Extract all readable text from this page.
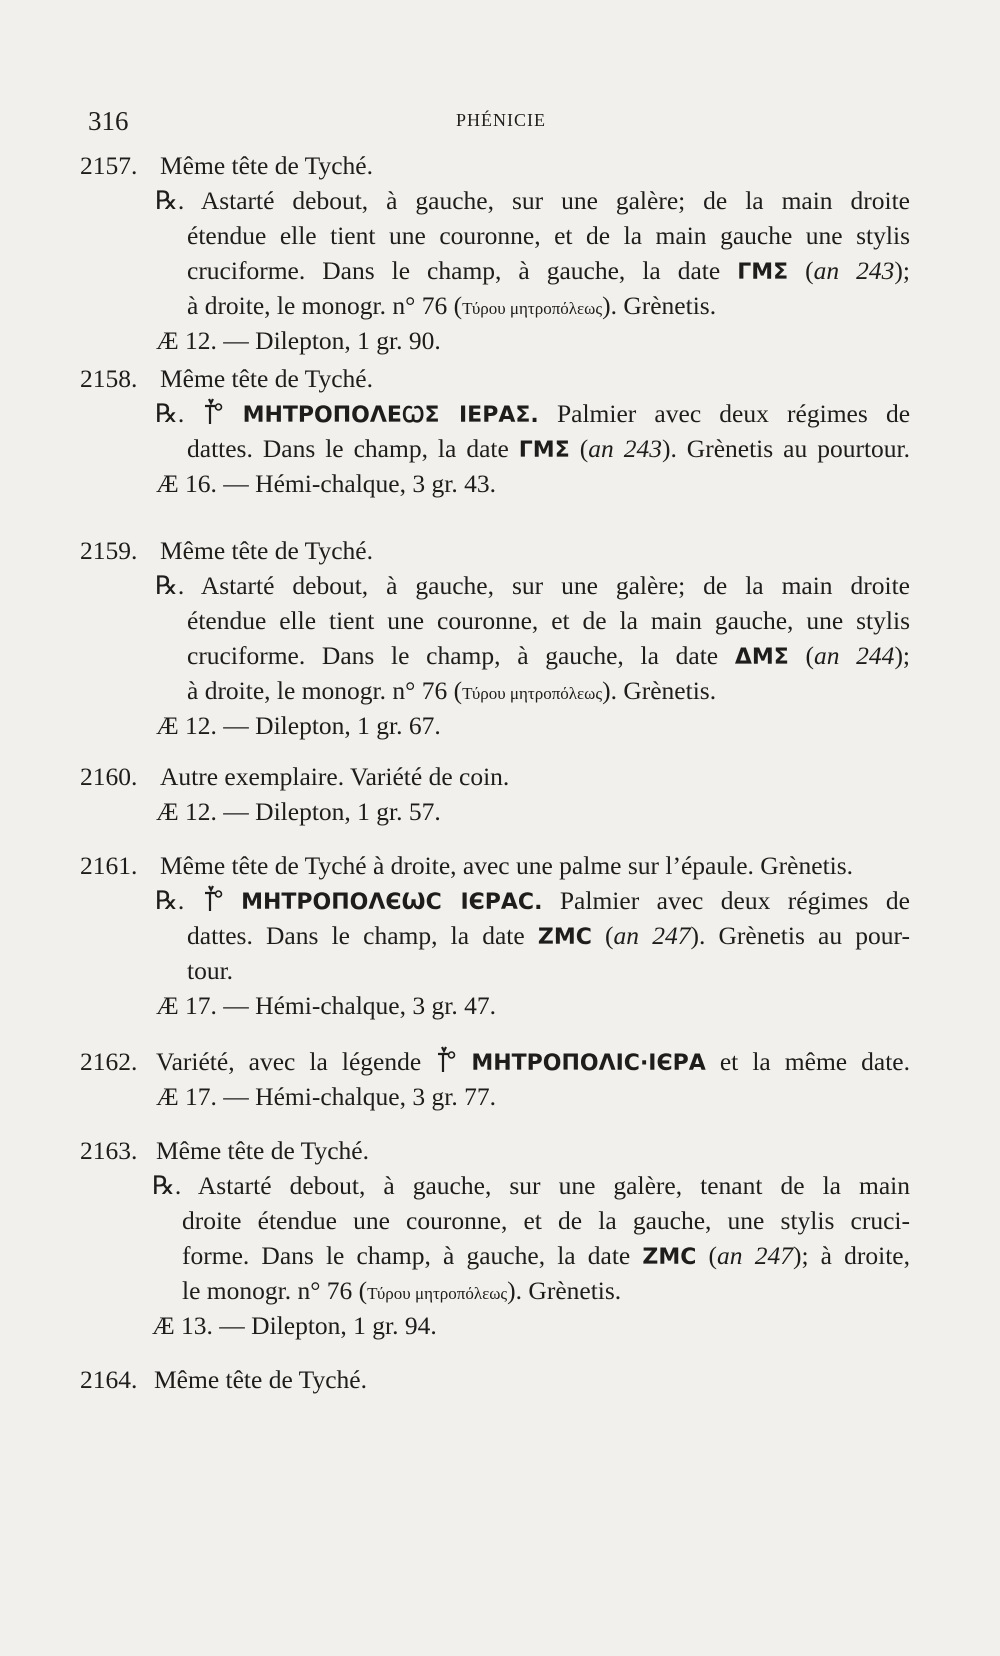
316	PHÉNICIE
2157. Même tête de Tyché.
℞. Astarté debout, à gauche, sur une galère; de la main droite
étendue elle tient une couronne, et de la main gauche une stylis
cruciforme. Dans le champ, à gauche, la date ΓΜΣ (an 243);
à droite, le monogr. n° 76 (Τύρου μητροπόλεως). Grènetis.
Æ 12. — Dilepton, 1 gr. 90.
2158. Même tête de Tyché.
℞.	ΜΗΤΡΟΠΟΛΕꞶΣ ΙΕΡΑΣ. Palmier avec deux régimes de
dattes. Dans le champ, la date ΓΜΣ (an 243). Grènetis au pourtour.
Æ 16. — Hémi-chalque, 3 gr. 43.
2159. Même tête de Tyché.
℞. Astarté debout, à gauche, sur une galère; de la main droite
étendue elle tient une couronne, et de la main gauche, une stylis
cruciforme. Dans le champ, à gauche, la date ΔΜΣ (an 244);
à droite, le monogr. n° 76 (Τύρου μητροπόλεως). Grènetis.
Æ 12. — Dilepton, 1 gr. 67.
2160. Autre exemplaire. Variété de coin.
Æ 12. — Dilepton, 1 gr. 57.
2161. Même tête de Tyché à droite, avec une palme sur l’épaule. Grènetis.
℞.	ΜΗΤΡΟΠΟΛЄѠC ΙЄΡΑC. Palmier avec deux régimes de
dattes. Dans le champ, la date ΖΜC (an 247). Grènetis au pour-
tour.
Æ 17. — Hémi-chalque, 3 gr. 47.
2162. Variété, avec la légende
ΜΗΤΡΟΠΟΛΙC·ΙЄΡΑ et la même date.
Æ 17. — Hémi-chalque, 3 gr. 77.
2163. Même tête de Tyché.
℞. Astarté debout, à gauche, sur une galère, tenant de la main
droite étendue une couronne, et de la gauche, une stylis cruci-
forme. Dans le champ, à gauche, la date ΖΜC (an 247); à droite,
le monogr. n° 76 (Τύρου μητροπόλεως). Grènetis.
Æ 13. — Dilepton, 1 gr. 94.
2164. Même tête de Tyché.
